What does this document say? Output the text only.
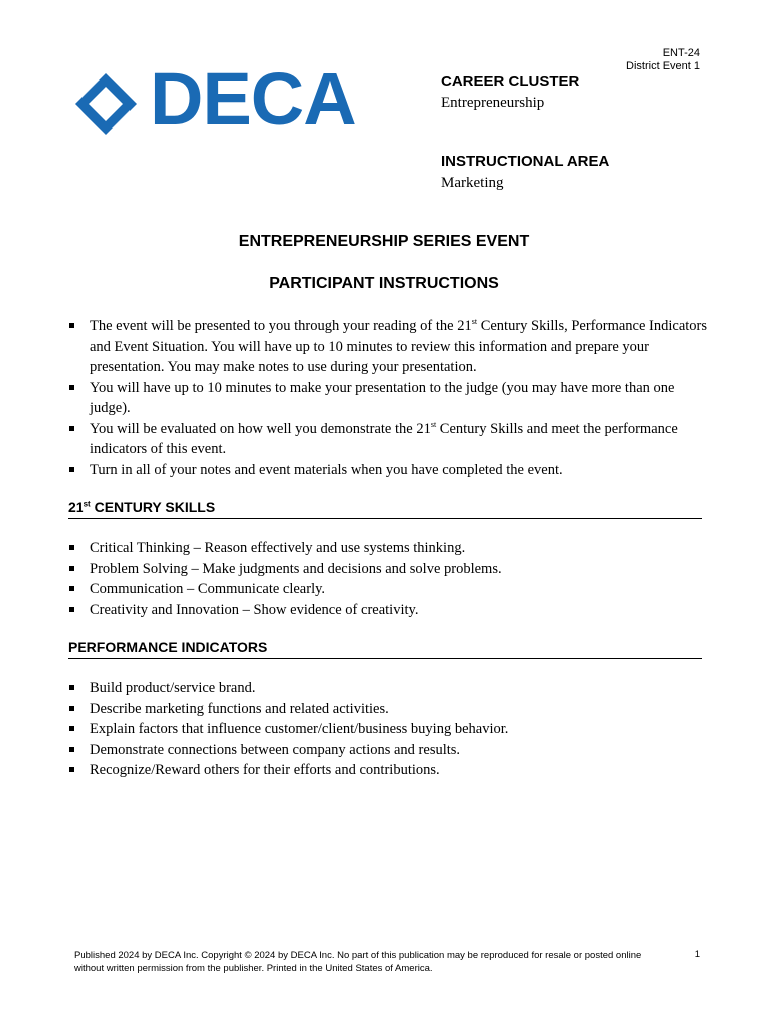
ENT-24
District Event 1
DECA	CAREER CLUSTER
Entrepreneurship
INSTRUCTIONAL AREA
Marketing
ENTREPRENEURSHIP SERIES EVENT
PARTICIPANT INSTRUCTIONS
The event will be presented to you through your reading of the 21st Century Skills, Performance Indicators and Event Situation. You will have up to 10 minutes to review this information and prepare your presentation. You may make notes to use during your presentation.
You will have up to 10 minutes to make your presentation to the judge (you may have more than one judge).
You will be evaluated on how well you demonstrate the 21st Century Skills and meet the performance indicators of this event.
Turn in all of your notes and event materials when you have completed the event.
21st CENTURY SKILLS
Critical Thinking – Reason effectively and use systems thinking.
Problem Solving – Make judgments and decisions and solve problems.
Communication – Communicate clearly.
Creativity and Innovation – Show evidence of creativity.
PERFORMANCE INDICATORS
Build product/service brand.
Describe marketing functions and related activities.
Explain factors that influence customer/client/business buying behavior.
Demonstrate connections between company actions and results.
Recognize/Reward others for their efforts and contributions.
Published 2024 by DECA Inc. Copyright © 2024 by DECA Inc. No part of this publication may be reproduced for resale or posted online without written permission from the publisher. Printed in the United States of America.
1
